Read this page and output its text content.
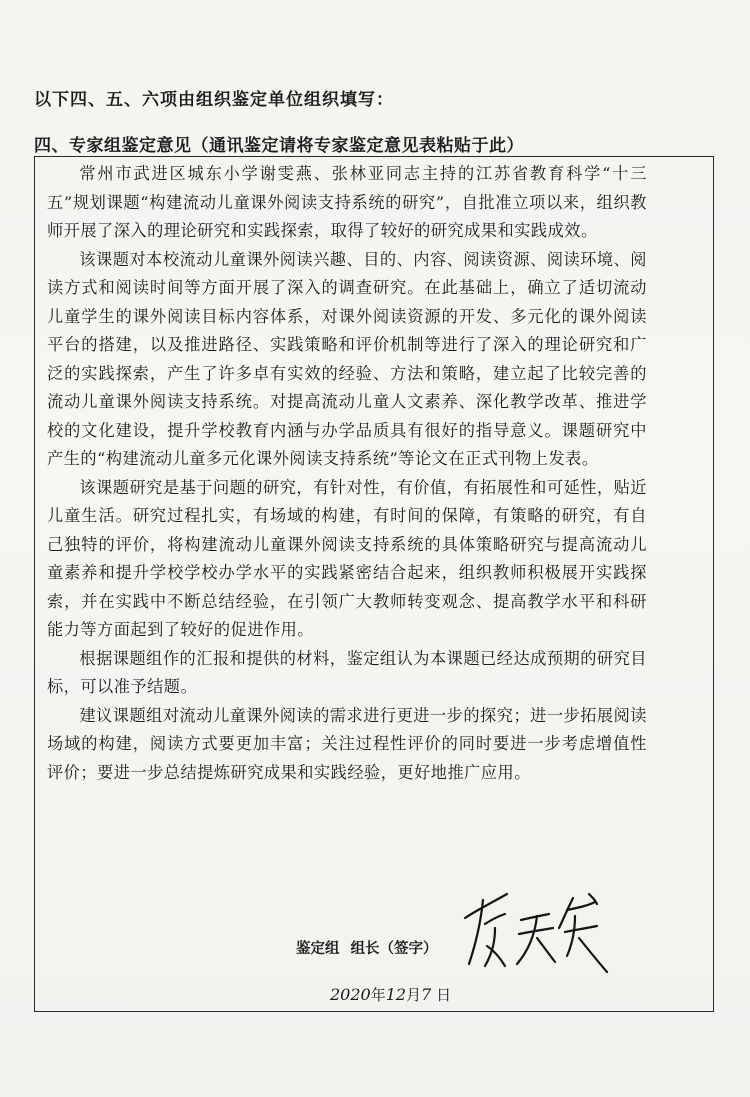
以下四、五、六项由组织鉴定单位组织填写：
四、专家组鉴定意见（通讯鉴定请将专家鉴定意见表粘贴于此）

常州市武进区城东小学谢雯燕、张林亚同志主持的江苏省教育科学“十三五”规划课题“构建流动儿童课外阅读支持系统的研究”，自批准立项以来，组织教师开展了深入的理论研究和实践探索，取得了较好的研究成果和实践成效。

该课题对本校流动儿童课外阅读兴趣、目的、内容、阅读资源、阅读环境、阅读方式和阅读时间等方面开展了深入的调查研究。在此基础上，确立了适切流动儿童学生的课外阅读目标内容体系，对课外阅读资源的开发、多元化的课外阅读平台的搭建，以及推进路径、实践策略和评价机制等进行了深入的理论研究和广泛的实践探索，产生了许多卓有实效的经验、方法和策略，建立起了比较完善的流动儿童课外阅读支持系统。对提高流动儿童人文素养、深化教学改革、推进学校的文化建设，提升学校教育内涵与办学品质具有很好的指导意义。课题研究中产生的“构建流动儿童多元化课外阅读支持系统”等论文在正式刊物上发表。

该课题研究是基于问题的研究，有针对性，有价值，有拓展性和可延性，贴近儿童生活。研究过程扎实，有场域的构建，有时间的保障，有策略的研究，有自己独特的评价，将构建流动儿童课外阅读支持系统的具体策略研究与提高流动儿童素养和提升学校学校办学水平的实践紧密结合起来，组织教师积极展开实践探索，并在实践中不断总结经验，在引领广大教师转变观念、提高教学水平和科研能力等方面起到了较好的促进作用。

根据课题组作的汇报和提供的材料，鉴定组认为本课题已经达成预期的研究目标，可以准予结题。

建议课题组对流动儿童课外阅读的需求进行更进一步的探究；进一步拓展阅读场域的构建，阅读方式要更加丰富；关注过程性评价的同时要进一步考虑增值性评价；要进一步总结提炼研究成果和实践经验，更好地推广应用。

鉴定组 组长（签字）
2020年12月7 日
